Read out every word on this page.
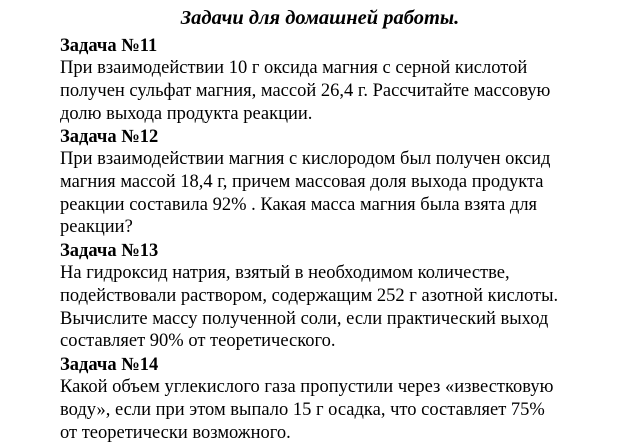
Задачи для домашней работы.
Задача №11
При взаимодействии 10 г оксида магния с серной кислотой
получен сульфат магния, массой 26,4 г. Рассчитайте массовую
долю выхода продукта реакции.
Задача №12
При взаимодействии магния с кислородом был получен оксид
магния массой 18,4 г, причем массовая доля выхода продукта
реакции составила 92% . Какая масса магния была взята для
реакции?
Задача №13
На гидроксид натрия, взятый в необходимом количестве,
подействовали раствором, содержащим 252 г азотной кислоты.
Вычислите массу полученной соли, если практический выход
составляет 90% от теоретического.
Задача №14
Какой объем углекислого газа пропустили через «известковую
воду», если при этом выпало 15 г осадка, что составляет 75%
от теоретически возможного.
